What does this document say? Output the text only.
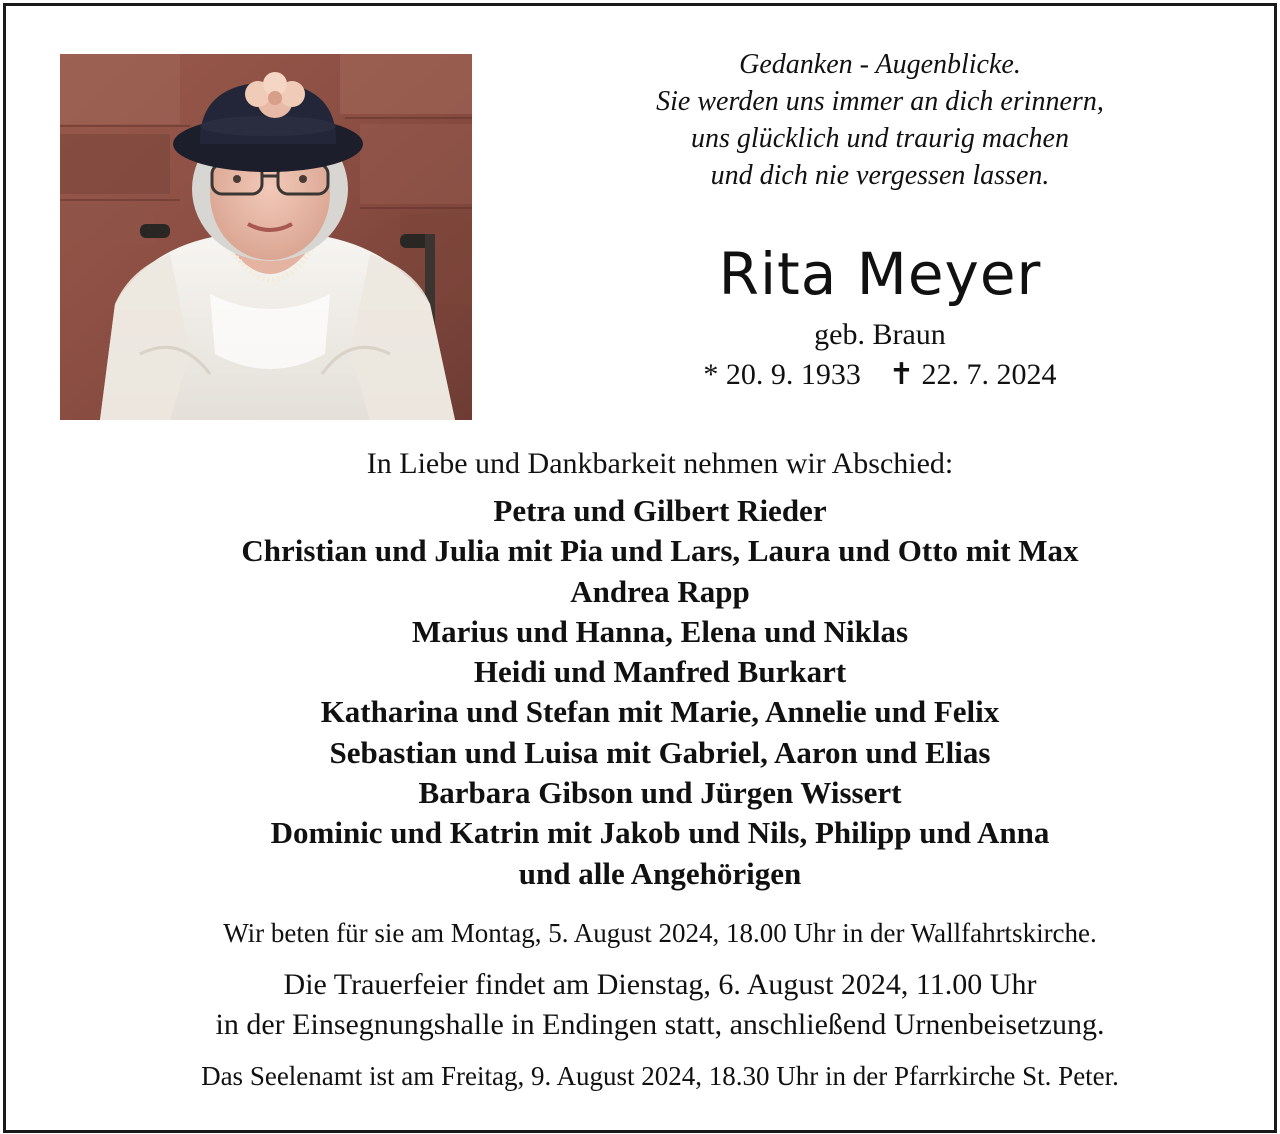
Gedanken - Augenblicke.
Sie werden uns immer an dich erinnern,
uns glücklich und traurig machen
und dich nie vergessen lassen.
Rita Meyer
geb. Braun
* 20. 9. 1933 ✝ 22. 7. 2024
In Liebe und Dankbarkeit nehmen wir Abschied:
Petra und Gilbert Rieder
Christian und Julia mit Pia und Lars, Laura und Otto mit Max
Andrea Rapp
Marius und Hanna, Elena und Niklas
Heidi und Manfred Burkart
Katharina und Stefan mit Marie, Annelie und Felix
Sebastian und Luisa mit Gabriel, Aaron und Elias
Barbara Gibson und Jürgen Wissert
Dominic und Katrin mit Jakob und Nils, Philipp und Anna
und alle Angehörigen
Wir beten für sie am Montag, 5. August 2024, 18.00 Uhr in der Wallfahrtskirche.
Die Trauerfeier findet am Dienstag, 6. August 2024, 11.00 Uhr
in der Einsegnungshalle in Endingen statt, anschließend Urnenbeisetzung.
Das Seelenamt ist am Freitag, 9. August 2024, 18.30 Uhr in der Pfarrkirche St. Peter.
